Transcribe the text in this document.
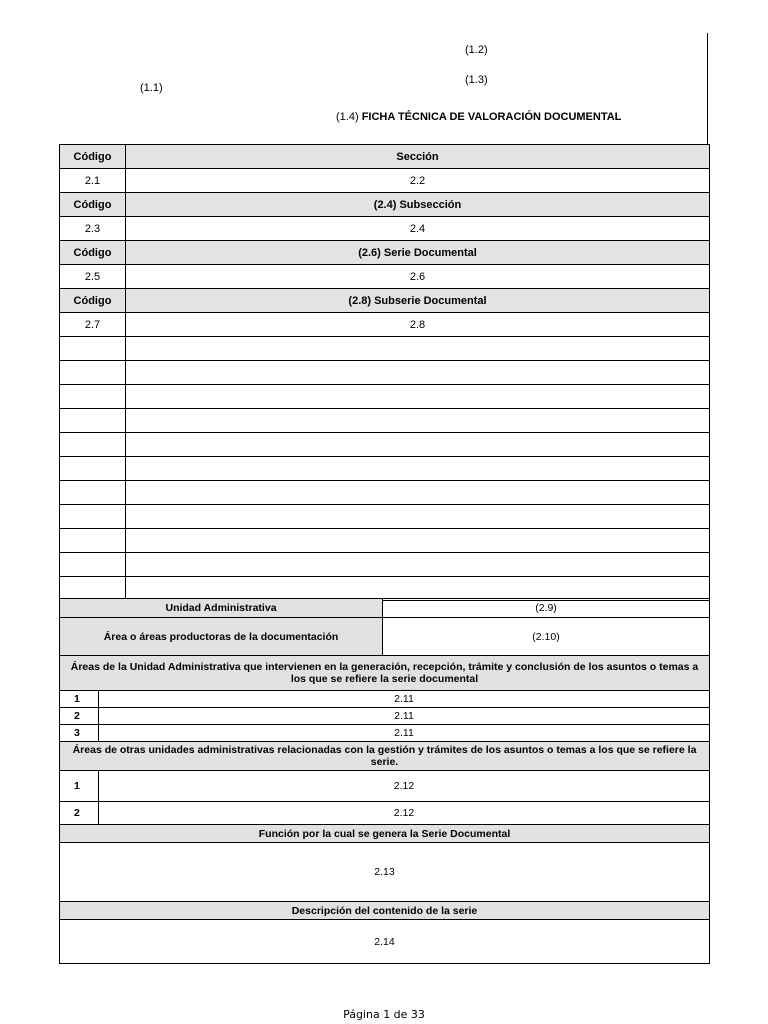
(1.2)
(1.3)
(1.1)
(1.4) FICHA TÉCNICA DE VALORACIÓN DOCUMENTAL
Código	Sección
2.1	2.2
Código	(2.4) Subsección
2.3	2.4
Código	(2.6) Serie Documental
2.5	2.6
Código	(2.8) Subserie Documental
2.7	2.8

Unidad Administrativa		(2.9)
Área o áreas productoras de la documentación		(2.10)
Áreas de la Unidad Administrativa que intervienen en la generación, recepción, trámite y conclusión de los asuntos o temas a los que se refiere la serie documental		
1	2.11	
2	2.11	
3	2.11	
Áreas de otras unidades administrativas relacionadas con la gestión y trámites de los asuntos o temas a los que se refiere la serie.		
1	2.12	
2	2.12	
Función por la cual se genera la Serie Documental		
2.13		
Descripción del contenido de la serie		
2.14		
Página 1 de 33
